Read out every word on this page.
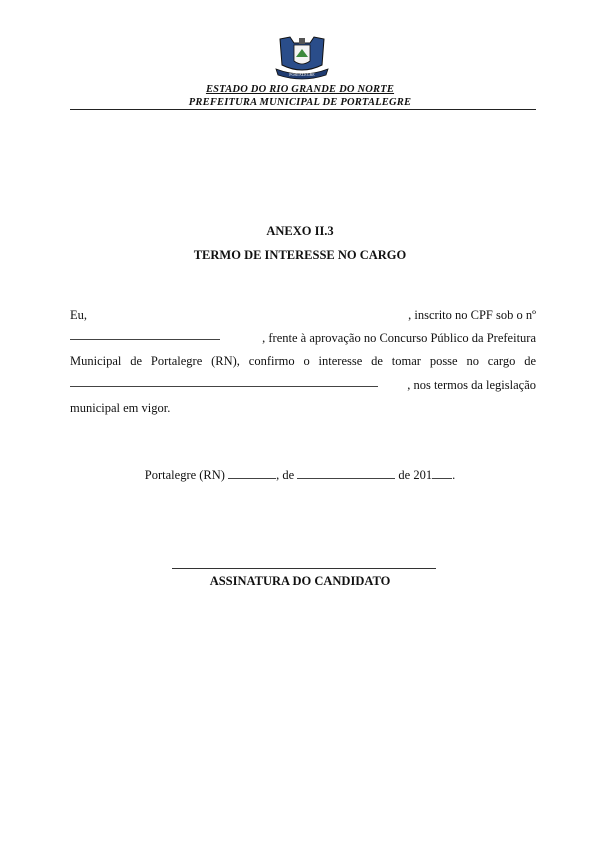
PORTALEGRE
ESTADO DO RIO GRANDE DO NORTE
PREFEITURA MUNICIPAL DE PORTALEGRE
ANEXO II.3
TERMO DE INTERESSE NO CARGO
Eu,	, inscrito no CPF sob o nº
, frente à aprovação no Concurso Público da Prefeitura
Municipal de Portalegre (RN), confirmo o interesse de tomar posse no cargo de
, nos termos da legislação
municipal em vigor.
Portalegre (RN)	, de	de 201 .
ASSINATURA DO CANDIDATO
